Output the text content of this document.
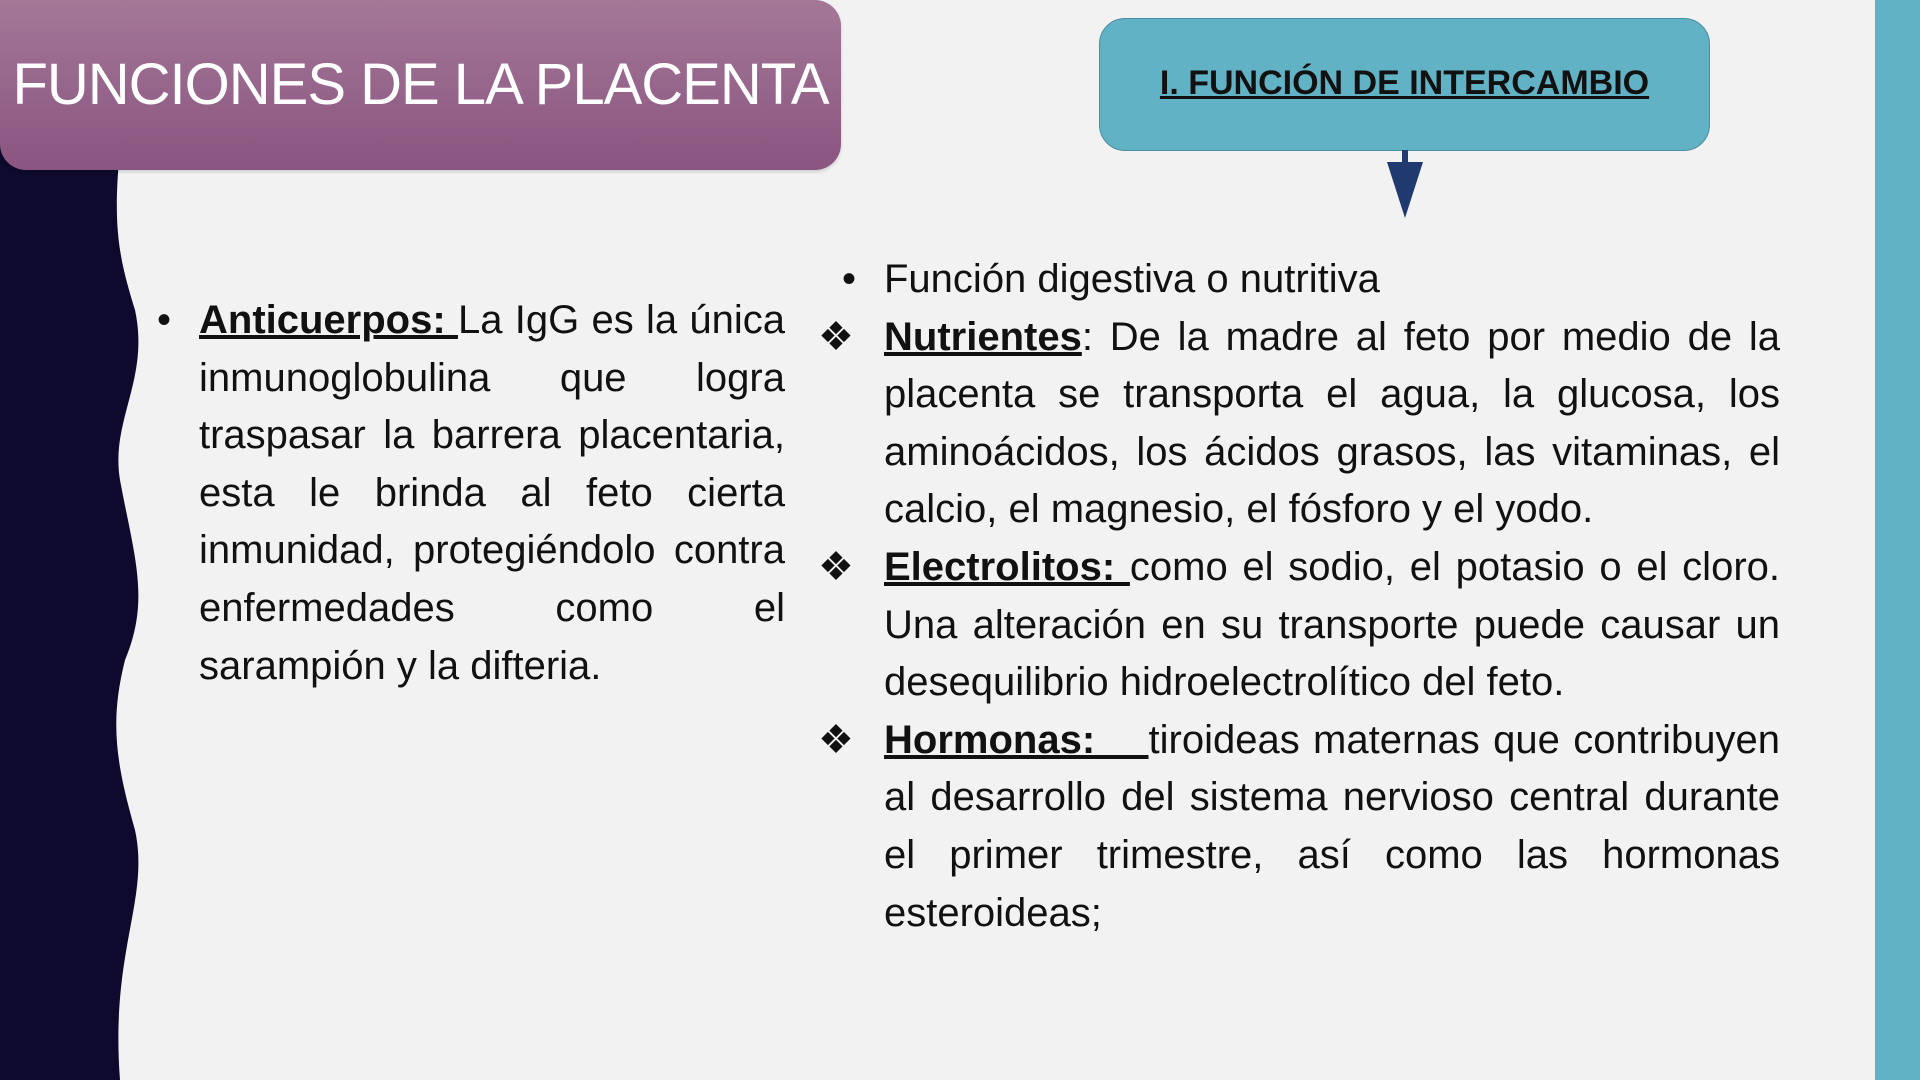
FUNCIONES DE LA PLACENTA	I. FUNCIÓN DE INTERCAMBIO

• Anticuerpos: La IgG es la única inmunoglobulina que logra traspasar la barrera placentaria, esta le brinda al feto cierta inmunidad, protegiéndolo contra enfermedades como el sarampión y la difteria.

• Función digestiva o nutritiva

❖ Nutrientes: De la madre al feto por medio de la placenta se transporta el agua, la glucosa, los aminoácidos, los ácidos grasos, las vitaminas, el calcio, el magnesio, el fósforo y el yodo.

❖ Electrolitos: como el sodio, el potasio o el cloro. Una alteración en su transporte puede causar un desequilibrio hidroelectrolítico del feto.

❖ Hormonas:    tiroideas maternas que contribuyen al desarrollo del sistema nervioso central durante el primer trimestre, así como las hormonas esteroideas;
